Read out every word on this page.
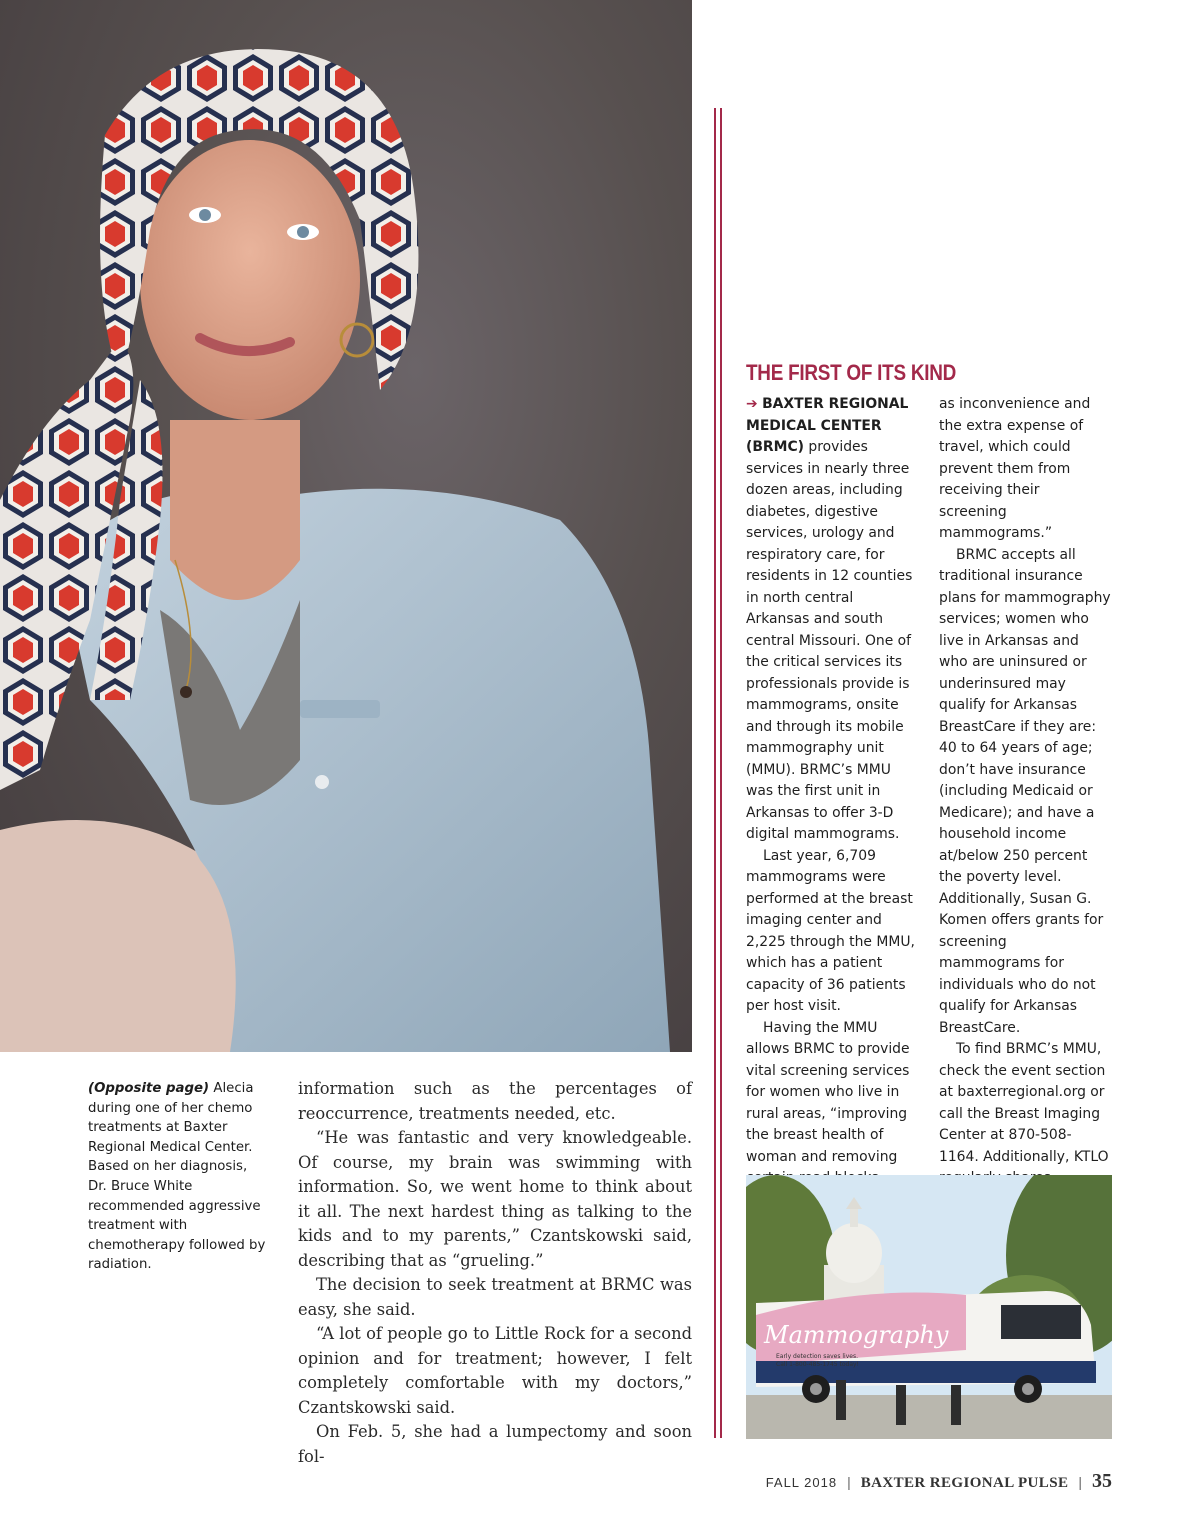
(Opposite page) Alecia during one of her chemo treatments at Baxter Regional Medical Center. Based on her diagnosis, Dr. Bruce White recommended aggressive treatment with chemotherapy followed by radiation.

information such as the percentages of reoccurrence, treatments needed, etc.

“He was fantastic and very knowledgeable. Of course, my brain was swimming with information. So, we went home to think about it all. The next hardest thing as talking to the kids and to my parents,” Czantskowski said, describing that as “grueling.”

The decision to seek treatment at BRMC was easy, she said.

“A lot of people go to Little Rock for a second opinion and for treatment; however, I felt completely comfortable with my doctors,” Czantskowski said.

On Feb. 5, she had a lumpectomy and soon fol-

THE FIRST OF ITS KIND

➔ BAXTER REGIONAL MEDICAL CENTER (BRMC) provides services in nearly three dozen areas, including diabetes, digestive services, urology and respiratory care, for residents in 12 counties in north central Arkansas and south central Missouri. One of the critical services its professionals provide is mammograms, onsite and through its mobile mammography unit (MMU). BRMC’s MMU was the first unit in Arkansas to offer 3-D digital mammograms.

Last year, 6,709 mammograms were performed at the breast imaging center and 2,225 through the MMU, which has a patient capacity of 36 patients per host visit.

Having the MMU allows BRMC to provide vital screening services for women who live in rural areas, “improving the breast health of woman and removing

as inconvenience and the extra expense of travel, which could prevent them from receiving their screening mammograms.”

BRMC accepts all traditional insurance plans for mammography services; women who live in Arkansas and who are uninsured or underinsured may qualify for Arkansas BreastCare if they are: 40 to 64 years of age; don’t have insurance (including Medicaid or Medicare); and have a household income at/below 250 percent the poverty level. Additionally, Susan G. Komen offers grants for screening mammograms for individuals who do not qualify for Arkansas BreastCare.

To find BRMC’s MMU, check the event section at baxterregional.org or call the Breast Imaging Center at 870-508-1164. Additionally, KTLO

Mammography
Early detection saves lives.
Call 1-800-485-1745 today!
FALL 2018 | BAXTER REGIONAL PULSE | 35
